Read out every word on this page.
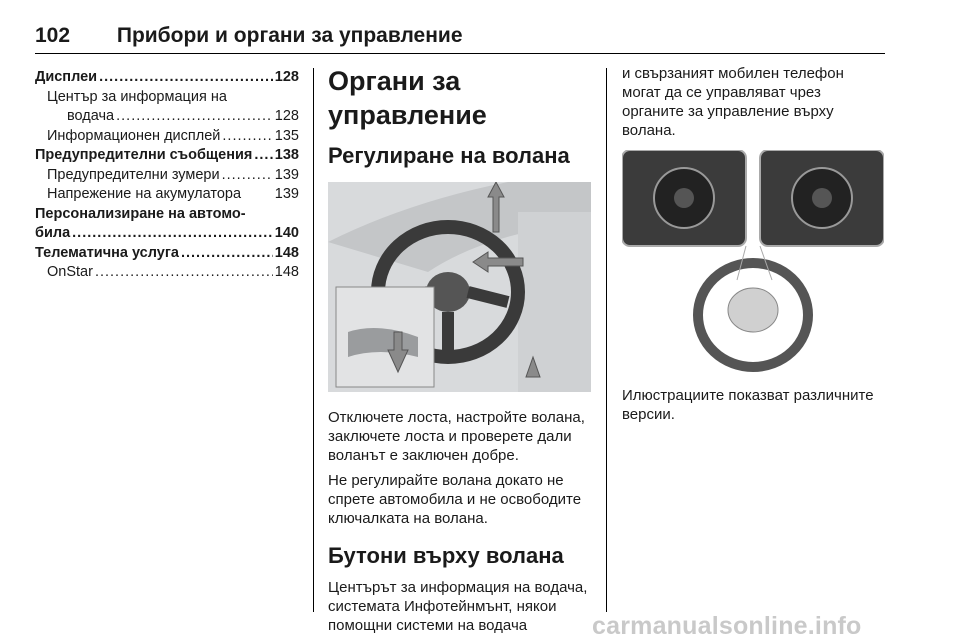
102 Прибори и органи за управление
Дисплеи .....	128
Център за информация на
водача .....	128
Информационен дисплей .....	135
Предупредителни съобщения ..... 138
Предупредителни зумери .....	139
Напрежение на акумулатора 139
Персонализиране на автомо-
била .....	140
Телематична услуга .....	148
OnStar .....	148
Органи за управление
Регулиране на волана

Отключете лоста, настройте волана, заключете лоста и проверете дали воланът е заключен добре.

Не регулирайте волана докато не спрете автомобила и не освободите ключалката на волана.

Бутони върху волана

Центърът за информация на водача, системата Инфотейнмънт, някои помощни системи на водача

и свързаният мобилен телефон могат да се управляват чрез органите за управление върху волана.

Илюстрациите показват различните версии.

carmanualsonline.info
